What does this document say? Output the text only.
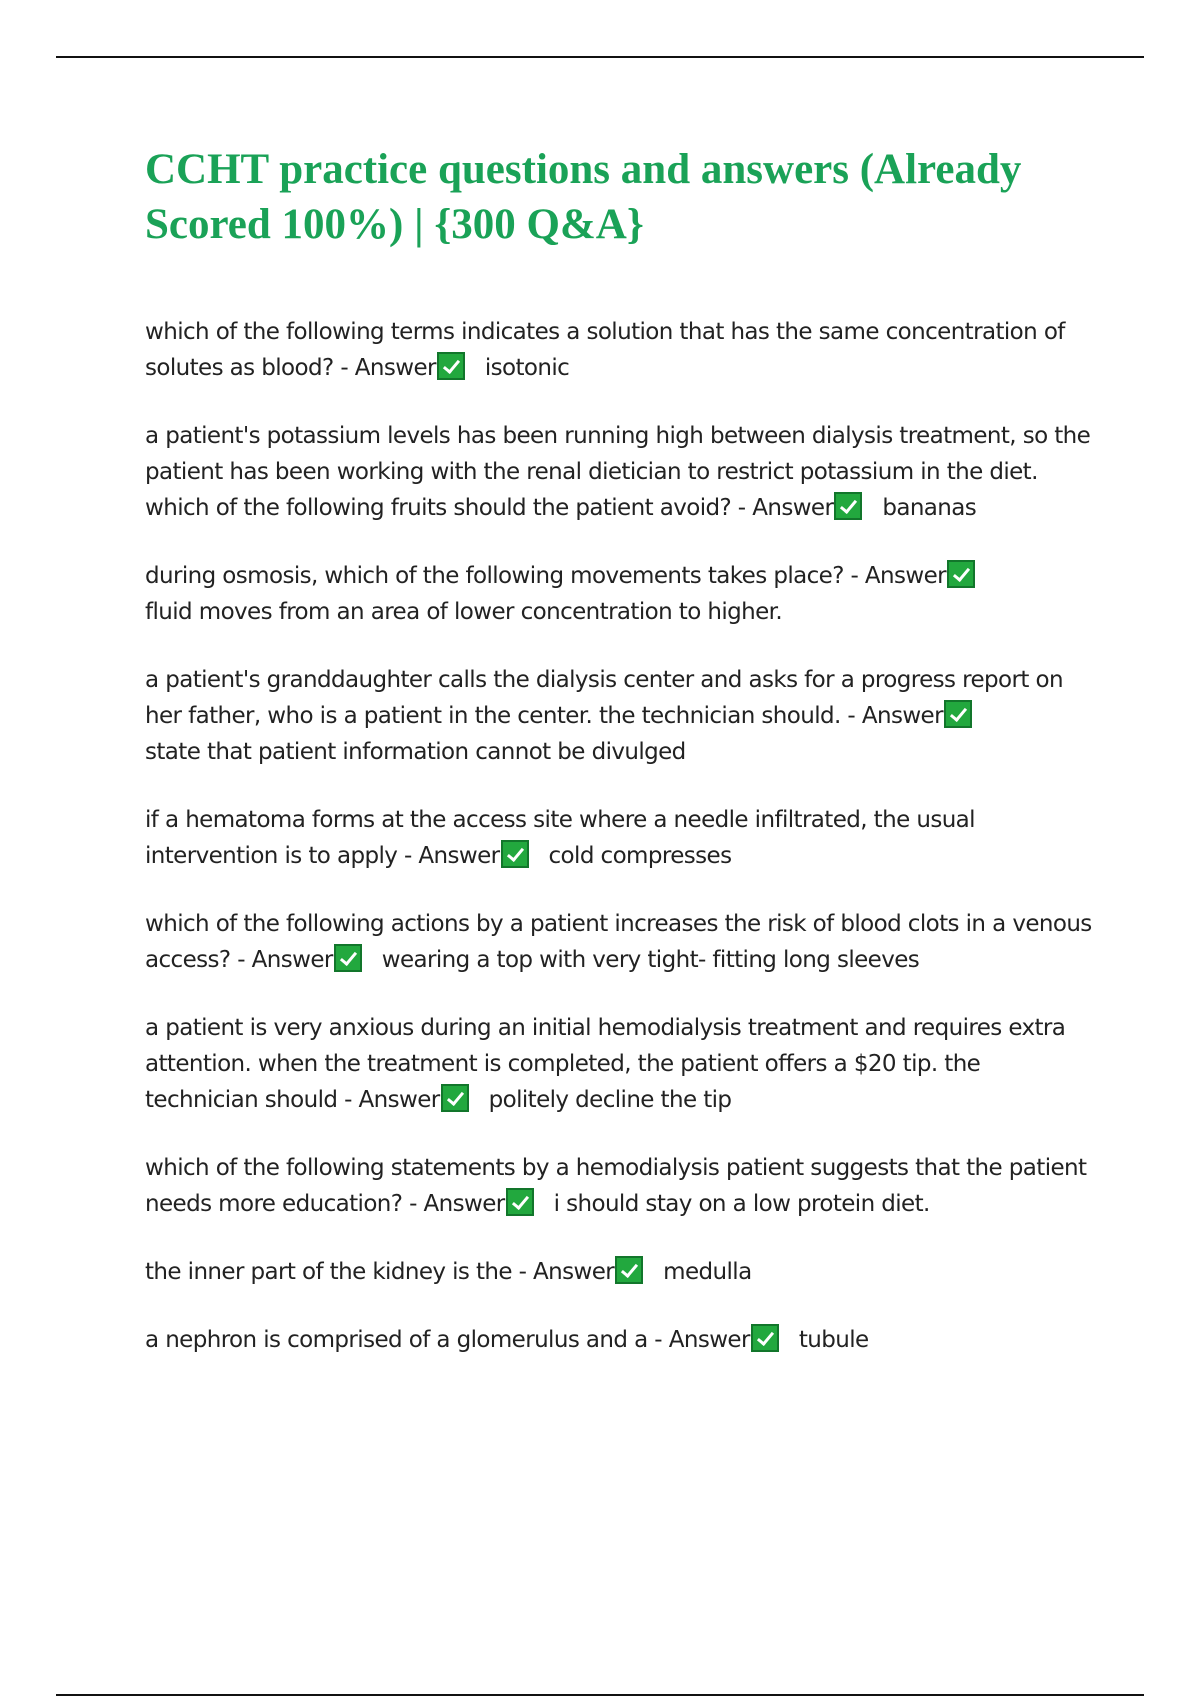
CCHT practice questions and answers (Already Scored 100%) | {300 Q&A}
which of the following terms indicates a solution that has the same concentration of solutes as blood? - Answer isotonic
a patient's potassium levels has been running high between dialysis treatment, so the patient has been working with the renal dietician to restrict potassium in the diet. which of the following fruits should the patient avoid? - Answer bananas
during osmosis, which of the following movements takes place? - Answer
fluid moves from an area of lower concentration to higher.
a patient's granddaughter calls the dialysis center and asks for a progress report on her father, who is a patient in the center. the technician should. - Answer
state that patient information cannot be divulged
if a hematoma forms at the access site where a needle infiltrated, the usual intervention is to apply - Answer cold compresses
which of the following actions by a patient increases the risk of blood clots in a venous access? - Answer wearing a top with very tight- fitting long sleeves
a patient is very anxious during an initial hemodialysis treatment and requires extra attention. when the treatment is completed, the patient offers a $20 tip. the technician should - Answer politely decline the tip
which of the following statements by a hemodialysis patient suggests that the patient needs more education? - Answer i should stay on a low protein diet.
the inner part of the kidney is the - Answer medulla
a nephron is comprised of a glomerulus and a - Answer tubule
